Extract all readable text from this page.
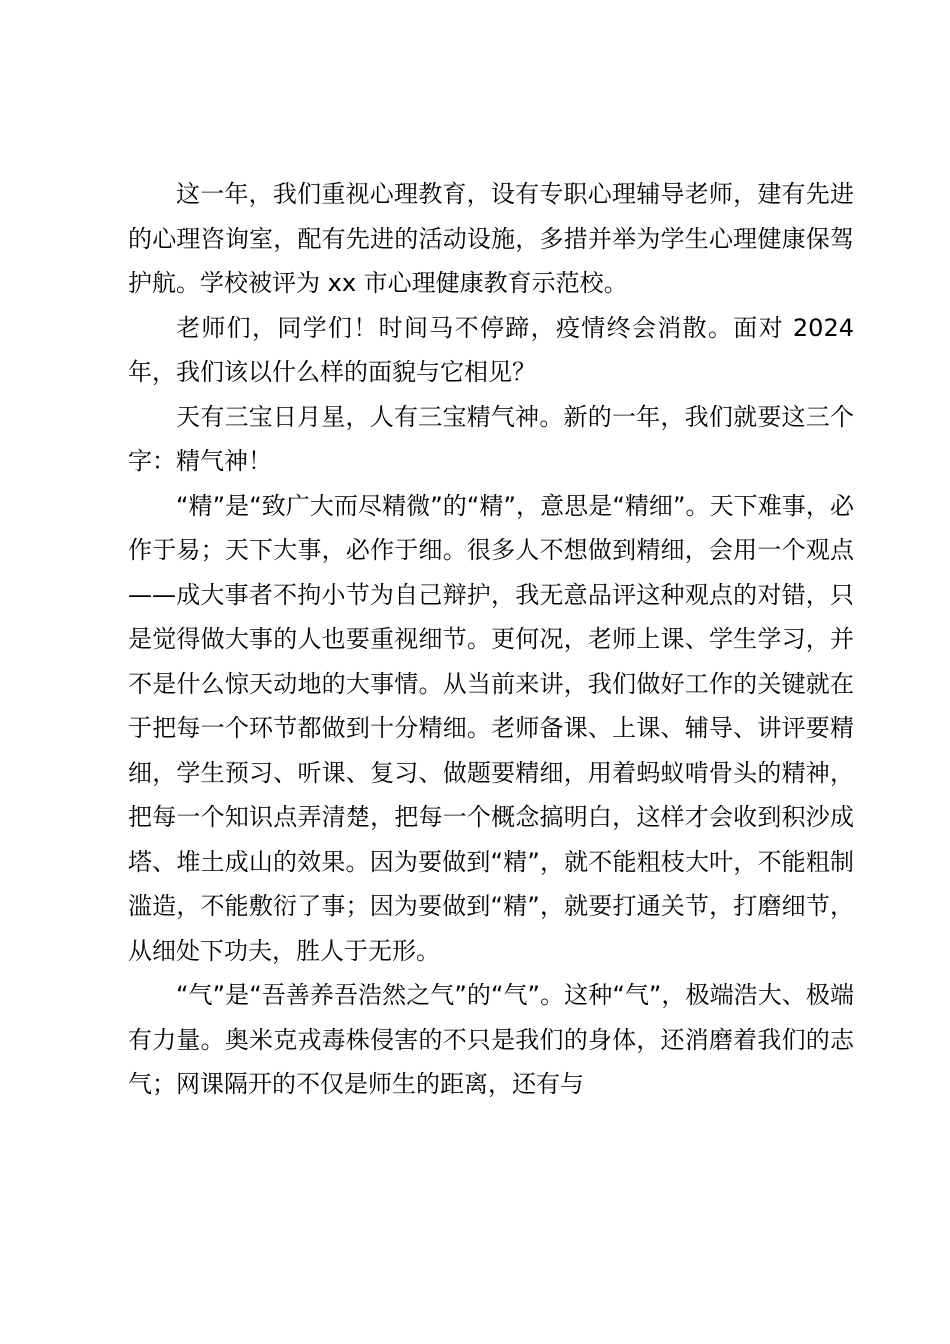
这一年，我们重视心理教育，设有专职心理辅导老师，建有先进的心理咨询室，配有先进的活动设施，多措并举为学生心理健康保驾护航。学校被评为 xx 市心理健康教育示范校。

老师们，同学们！时间马不停蹄，疫情终会消散。面对 2024 年，我们该以什么样的面貌与它相见？

天有三宝日月星，人有三宝精气神。新的一年，我们就要这三个字：精气神！

“精”是“致广大而尽精微”的“精”，意思是“精细”。天下难事，必作于易；天下大事，必作于细。很多人不想做到精细，会用一个观点——成大事者不拘小节为自己辩护，我无意品评这种观点的对错，只是觉得做大事的人也要重视细节。更何况，老师上课、学生学习，并不是什么惊天动地的大事情。从当前来讲，我们做好工作的关键就在于把每一个环节都做到十分精细。老师备课、上课、辅导、讲评要精细，学生预习、听课、复习、做题要精细，用着蚂蚁啃骨头的精神，把每一个知识点弄清楚，把每一个概念搞明白，这样才会收到积沙成塔、堆土成山的效果。因为要做到“精”，就不能粗枝大叶，不能粗制滥造，不能敷衍了事；因为要做到“精”，就要打通关节，打磨细节，从细处下功夫，胜人于无形。

“气”是“吾善养吾浩然之气”的“气”。这种“气”，极端浩大、极端有力量。奥米克戎毒株侵害的不只是我们的身体，还消磨着我们的志气；网课隔开的不仅是师生的距离，还有与
